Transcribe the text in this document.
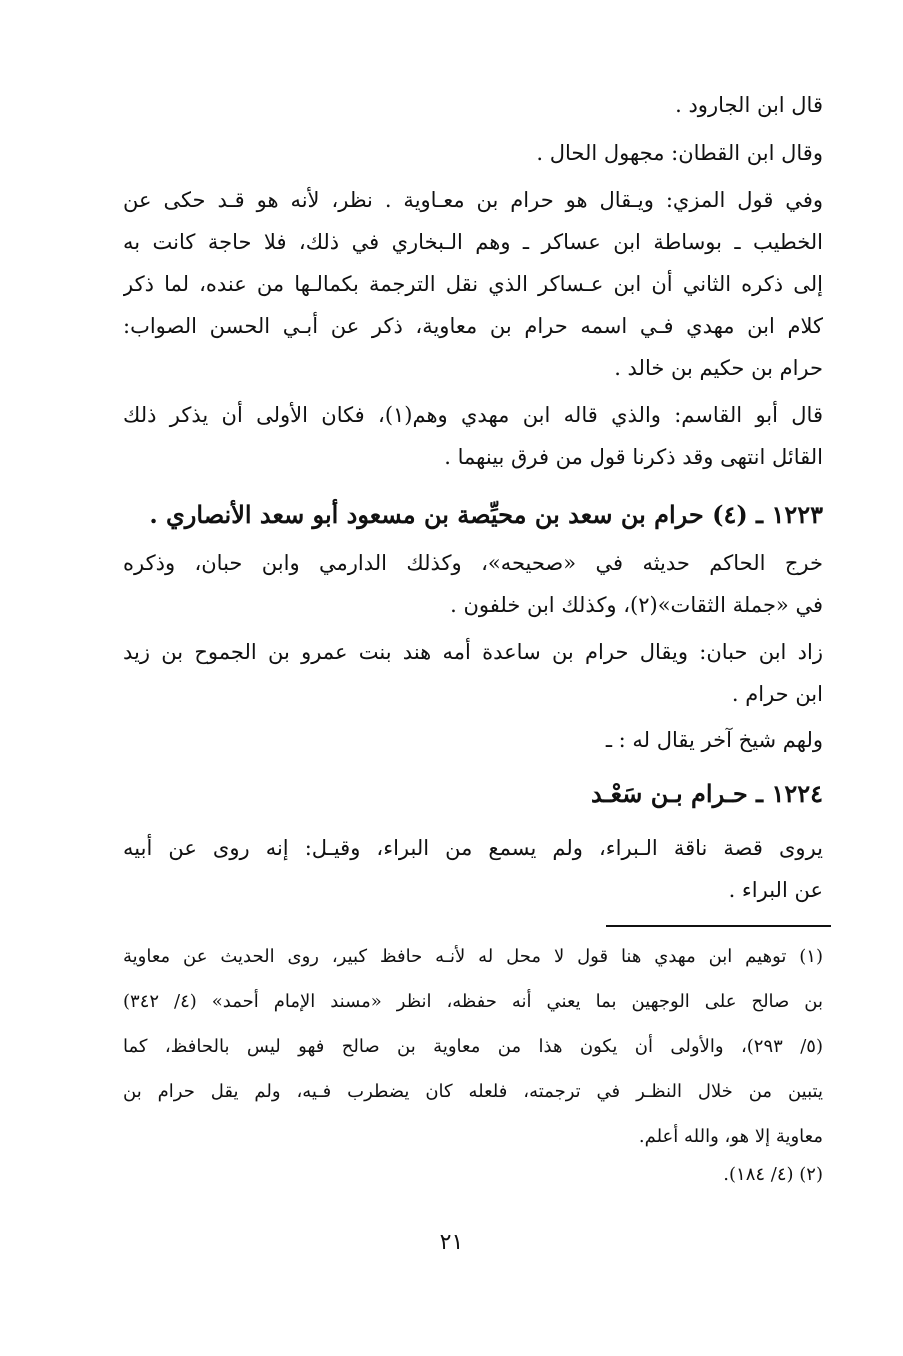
قال ابن الجارود .
وقال ابن القطان: مجهول الحال .
وفي قول المزي: ويـقال هو حرام بن معـاوية . نظر، لأنه هو قـد حكى عن
الخطيب ـ بوساطة ابن عساكر ـ وهم الـبخاري في ذلك، فلا حاجة كانت به
إلى ذكره الثاني أن ابن عـساكر الذي نقل الترجمة بكمالـها من عنده، لما ذكر
كلام ابن مهدي فـي اسمه حرام بن معاوية، ذكر عن أبـي الحسن الصواب:
حرام بن حكيم بن خالد .
قال أبو القاسم: والذي قاله ابن مهدي وهم(١)، فكان الأولى أن يذكر ذلك
القائل انتهى وقد ذكرنا قول من فرق بينهما .
١٢٢٣ ـ (٤) حرام بن سعد بن محيِّصة بن مسعود أبو سعد الأنصاري .
خرج الحاكم حديثه في «صحيحه»، وكذلك الدارمي وابن حبان، وذكره
في «جملة الثقات»(٢)، وكذلك ابن خلفون .
زاد ابن حبان: ويقال حرام بن ساعدة أمه هند بنت عمرو بن الجموح بن زيد
ابن حرام .
ولهم شيخ آخر يقال له : ـ
١٢٢٤ ـ حـرام بـن سَعْـد
يروى قصة ناقة الـبراء، ولم يسمع من البراء، وقيـل: إنه روى عن أبيه
عن البراء .
(١) توهيم ابن مهدي هنا قول لا محل له لأنـه حافظ كبير، روى الحديث عن معاوية
بن صالح على الوجهين بما يعني أنه حفظه، انظر «مسند الإمام أحمد» (٤/ ٣٤٢)
(٥/ ٢٩٣)، والأولى أن يكون هذا من معاوية بن صالح فهو ليس بالحافظ، كما
يتبين من خلال النظـر في ترجمته، فلعله كان يضطرب فـيه، ولم يقل حرام بن
معاوية إلا هو، والله أعلم.
(٢) (٤/ ١٨٤).
٢١
